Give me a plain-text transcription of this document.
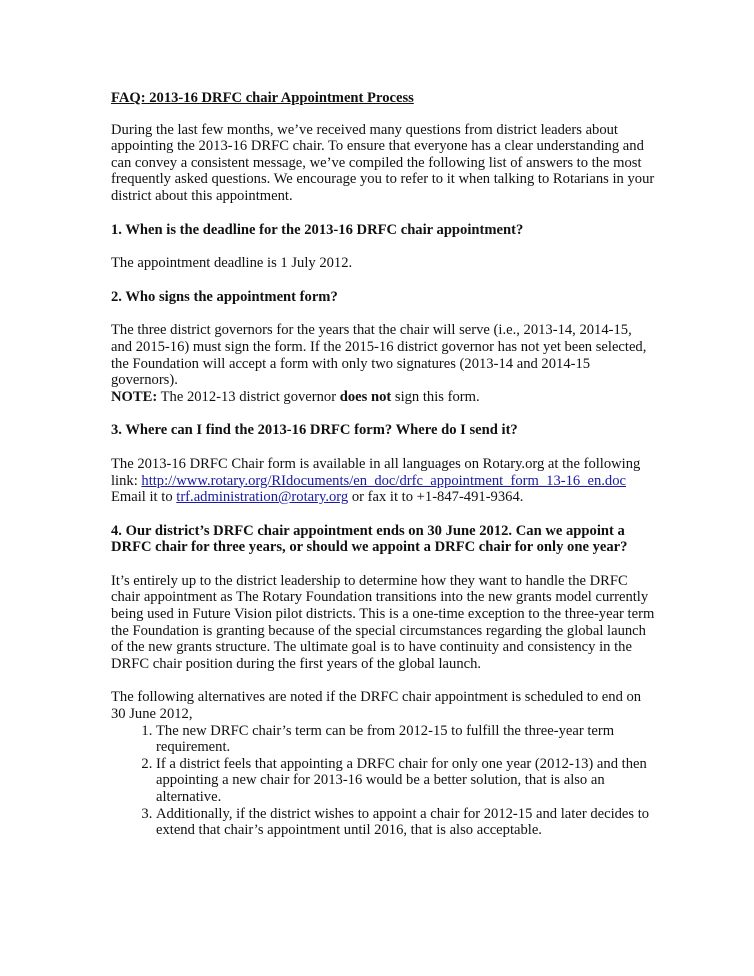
FAQ: 2013-16 DRFC chair Appointment Process

During the last few months, we’ve received many questions from district leaders about appointing the 2013-16 DRFC chair. To ensure that everyone has a clear understanding and can convey a consistent message, we’ve compiled the following list of answers to the most frequently asked questions. We encourage you to refer to it when talking to Rotarians in your district about this appointment.

1. When is the deadline for the 2013-16 DRFC chair appointment?

The appointment deadline is 1 July 2012.

2. Who signs the appointment form?

The three district governors for the years that the chair will serve (i.e., 2013-14, 2014-15, and 2015-16) must sign the form. If the 2015-16 district governor has not yet been selected, the Foundation will accept a form with only two signatures (2013-14 and 2014-15 governors).
NOTE: The 2012-13 district governor does not sign this form.

3. Where can I find the 2013-16 DRFC form? Where do I send it?

The 2013-16 DRFC Chair form is available in all languages on Rotary.org at the following link: http://www.rotary.org/RIdocuments/en_doc/drfc_appointment_form_13-16_en.doc
Email it to trf.administration@rotary.org or fax it to +1-847-491-9364.

4. Our district’s DRFC chair appointment ends on 30 June 2012. Can we appoint a DRFC chair for three years, or should we appoint a DRFC chair for only one year?

It’s entirely up to the district leadership to determine how they want to handle the DRFC chair appointment as The Rotary Foundation transitions into the new grants model currently being used in Future Vision pilot districts. This is a one-time exception to the three-year term the Foundation is granting because of the special circumstances regarding the global launch of the new grants structure. The ultimate goal is to have continuity and consistency in the DRFC chair position during the first years of the global launch.

The following alternatives are noted if the DRFC chair appointment is scheduled to end on 30 June 2012,
1. The new DRFC chair’s term can be from 2012-15 to fulfill the three-year term requirement.
2. If a district feels that appointing a DRFC chair for only one year (2012-13) and then appointing a new chair for 2013-16 would be a better solution, that is also an alternative.
3. Additionally, if the district wishes to appoint a chair for 2012-15 and later decides to extend that chair’s appointment until 2016, that is also acceptable.
